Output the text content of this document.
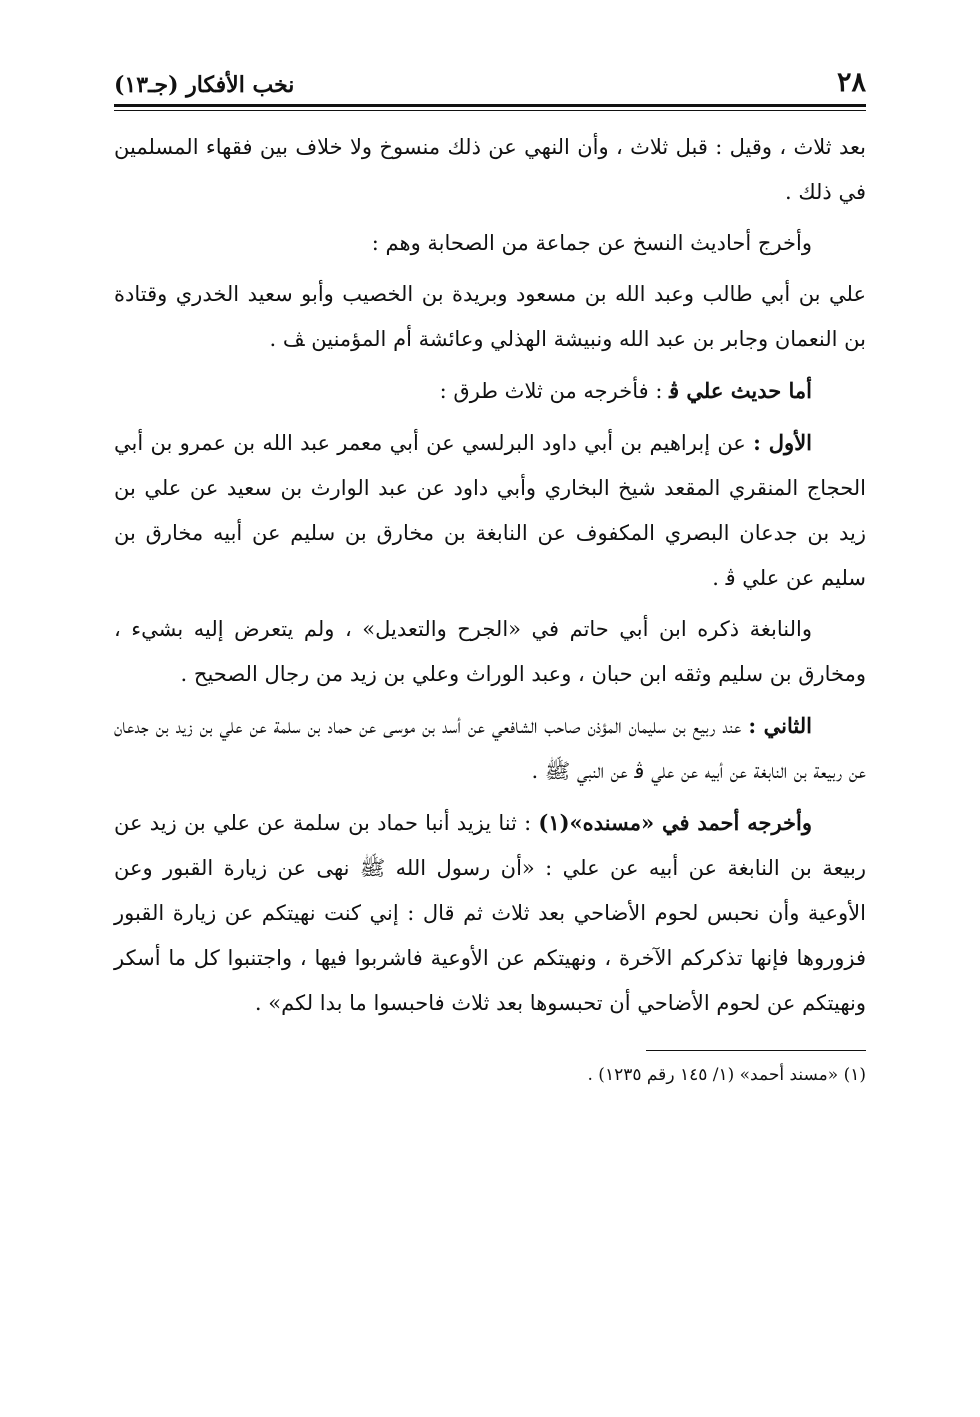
٢٨
نخب الأفكار (جـ١٣)

بعد ثلاث ، وقيل : قبل ثلاث ، وأن النهي عن ذلك منسوخ ولا خلاف بين فقهاء المسلمين في ذلك .

وأخرج أحاديث النسخ عن جماعة من الصحابة وهم :

علي بن أبي طالب وعبد الله بن مسعود وبريدة بن الخصيب وأبو سعيد الخدري وقتادة بن النعمان وجابر بن عبد الله ونبيشة الهذلي وعائشة أم المؤمنين ﭫ .

أما حديث علي ﭬ : فأخرجه من ثلاث طرق :

الأول : عن إبراهيم بن أبي داود البرلسي عن أبي معمر عبد الله بن عمرو بن أبي الحجاج المنقري المقعد شيخ البخاري وأبي داود عن عبد الوارث بن سعيد عن علي بن زيد بن جدعان البصري المكفوف عن النابغة بن مخارق بن سليم عن أبيه مخارق بن سليم عن علي ﭬ .

والنابغة ذكره ابن أبي حاتم في «الجرح والتعديل» ، ولم يتعرض إليه بشيء ، ومخارق بن سليم وثقه ابن حبان ، وعبد الوراث وعلي بن زيد من رجال الصحيح .

الثاني : عند ربيع بن سليمان المؤذن صاحب الشافعي عن أسد بن موسى عن حماد بن سلمة عن علي بن زيد بن جدعان عن ربيعة بن النابغة عن أبيه عن علي ﭬ عن النبي ﷺ .

وأخرجه أحمد في «مسنده»(١) : ثنا يزيد أنبا حماد بن سلمة عن علي بن زيد عن ربيعة بن النابغة عن أبيه عن علي : «أن رسول الله ﷺ نهى عن زيارة القبور وعن الأوعية وأن نحبس لحوم الأضاحي بعد ثلاث ثم قال : إني كنت نهيتكم عن زيارة القبور فزوروها فإنها تذكركم الآخرة ، ونهيتكم عن الأوعية فاشربوا فيها ، واجتنبوا كل ما أسكر ونهيتكم عن لحوم الأضاحي أن تحبسوها بعد ثلاث فاحبسوا ما بدا لكم» .

(١) «مسند أحمد» (١/ ١٤٥ رقم ١٢٣٥) .
